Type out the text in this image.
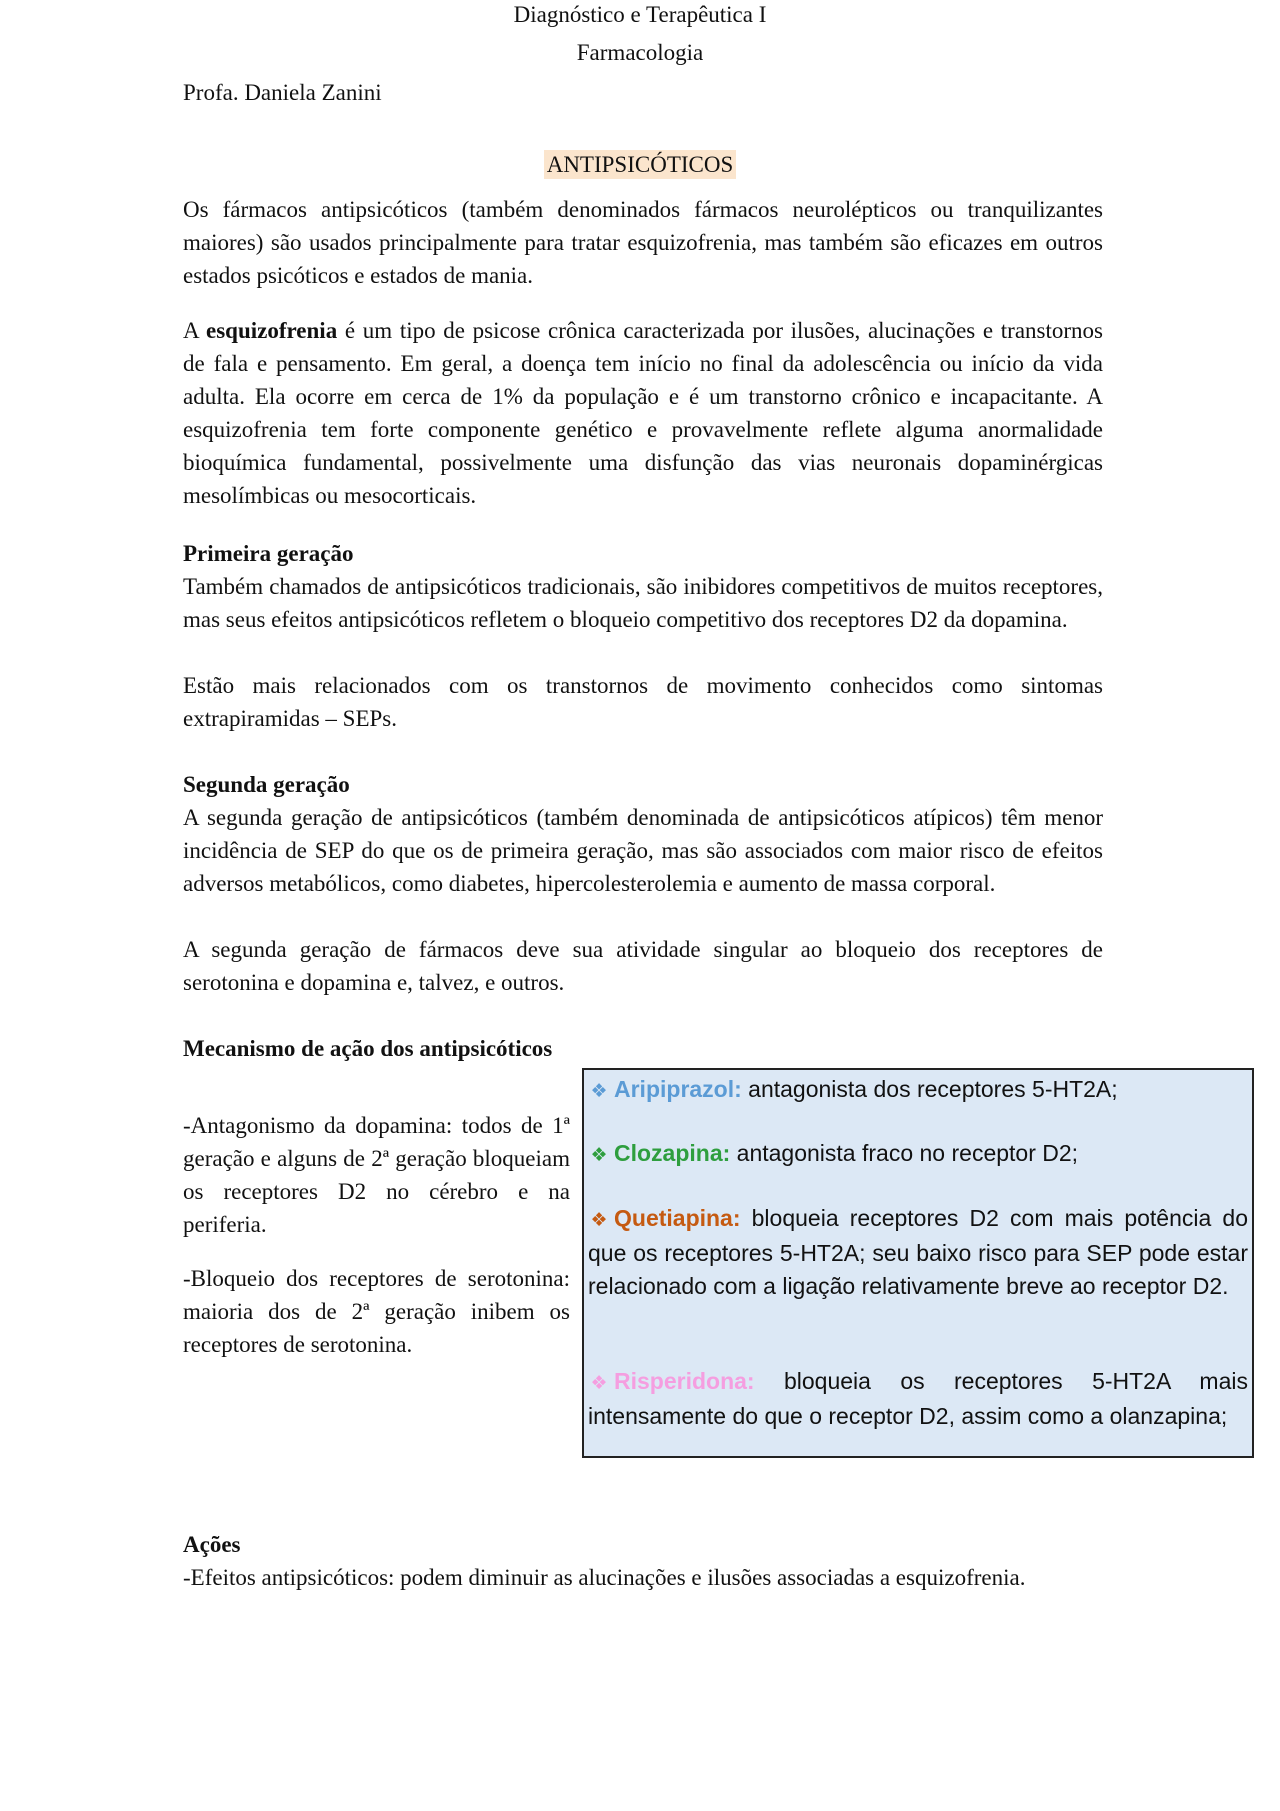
Diagnóstico e Terapêutica I
Farmacologia
Profa. Daniela Zanini
ANTIPSICÓTICOS

Os fármacos antipsicóticos (também denominados fármacos neurolépticos ou tranquilizantes maiores) são usados principalmente para tratar esquizofrenia, mas também são eficazes em outros estados psicóticos e estados de mania.

A esquizofrenia é um tipo de psicose crônica caracterizada por ilusões, alucinações e transtornos de fala e pensamento. Em geral, a doença tem início no final da adolescência ou início da vida adulta. Ela ocorre em cerca de 1% da população e é um transtorno crônico e incapacitante. A esquizofrenia tem forte componente genético e provavelmente reflete alguma anormalidade bioquímica fundamental, possivelmente uma disfunção das vias neuronais dopaminérgicas mesolímbicas ou mesocorticais.

Primeira geração

Também chamados de antipsicóticos tradicionais, são inibidores competitivos de muitos receptores, mas seus efeitos antipsicóticos refletem o bloqueio competitivo dos receptores D2 da dopamina.

Estão mais relacionados com os transtornos de movimento conhecidos como sintomas extrapiramidas – SEPs.

Segunda geração

A segunda geração de antipsicóticos (também denominada de antipsicóticos atípicos) têm menor incidência de SEP do que os de primeira geração, mas são associados com maior risco de efeitos adversos metabólicos, como diabetes, hipercolesterolemia e aumento de massa corporal.

A segunda geração de fármacos deve sua atividade singular ao bloqueio dos receptores de serotonina e dopamina e, talvez, e outros.

Mecanismo de ação dos antipsicóticos

-Antagonismo da dopamina: todos de 1ª geração e alguns de 2ª geração bloqueiam os receptores D2 no cérebro e na periferia.

-Bloqueio dos receptores de serotonina: maioria dos de 2ª geração inibem os receptores de serotonina.

❖ Aripiprazol: antagonista dos receptores 5-HT2A;
❖ Clozapina: antagonista fraco no receptor D2;
❖ Quetiapina: bloqueia receptores D2 com mais potência do que os receptores 5-HT2A; seu baixo risco para SEP pode estar relacionado com a ligação relativamente breve ao receptor D2.
❖ Risperidona: bloqueia os receptores 5-HT2A mais intensamente do que o receptor D2, assim como a olanzapina;
Ações

-Efeitos antipsicóticos: podem diminuir as alucinações e ilusões associadas a esquizofrenia.
